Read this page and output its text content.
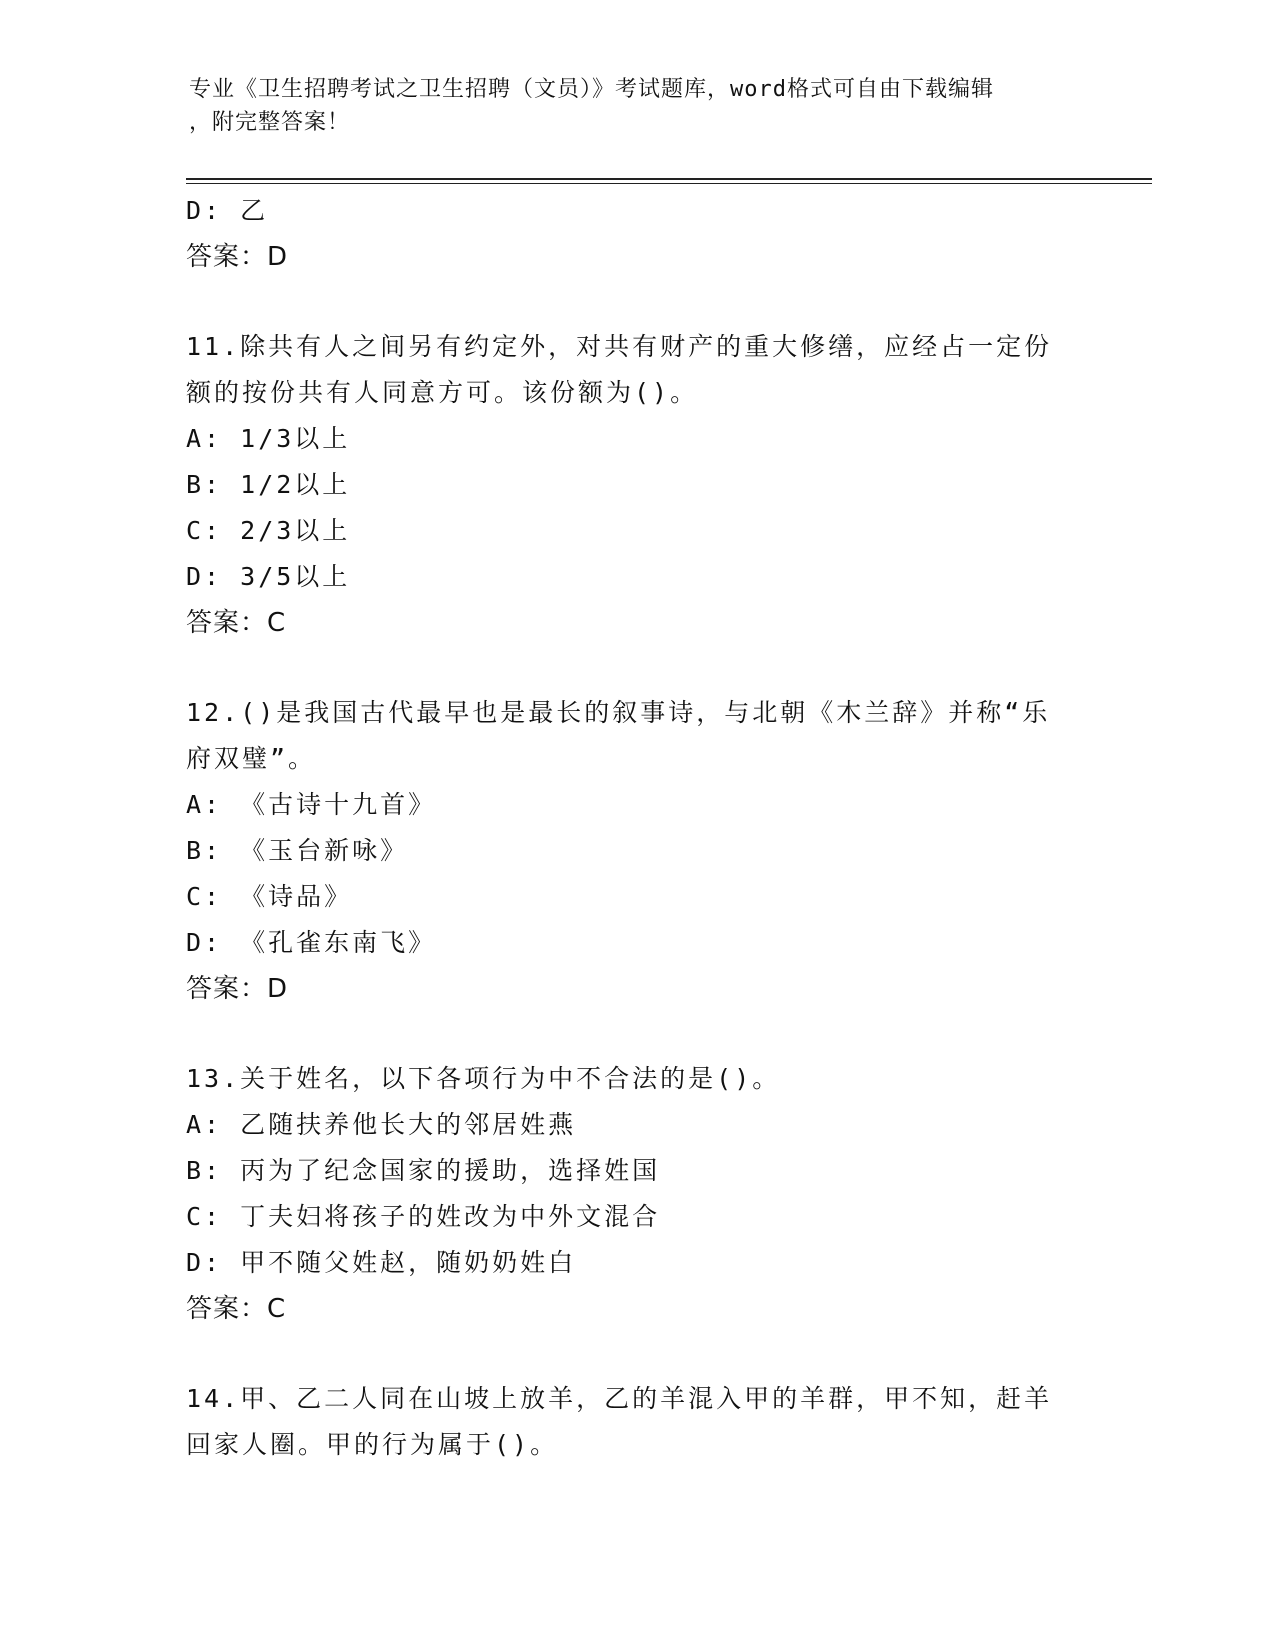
专业《卫生招聘考试之卫生招聘（文员）》考试题库，word格式可自由下载编辑
，附完整答案！
D: 乙
答案：D
11.除共有人之间另有约定外，对共有财产的重大修缮，应经占一定份
额的按份共有人同意方可。该份额为()。
A: 1/3以上
B: 1/2以上
C: 2/3以上
D: 3/5以上
答案：C
12.()是我国古代最早也是最长的叙事诗，与北朝《木兰辞》并称“乐
府双璧”。
A: 《古诗十九首》
B: 《玉台新咏》
C: 《诗品》
D: 《孔雀东南飞》
答案：D
13.关于姓名，以下各项行为中不合法的是()。
A: 乙随扶养他长大的邻居姓燕
B: 丙为了纪念国家的援助，选择姓国
C: 丁夫妇将孩子的姓改为中外文混合
D: 甲不随父姓赵，随奶奶姓白
答案：C
14.甲、乙二人同在山坡上放羊，乙的羊混入甲的羊群，甲不知，赶羊
回家人圈。甲的行为属于()。
